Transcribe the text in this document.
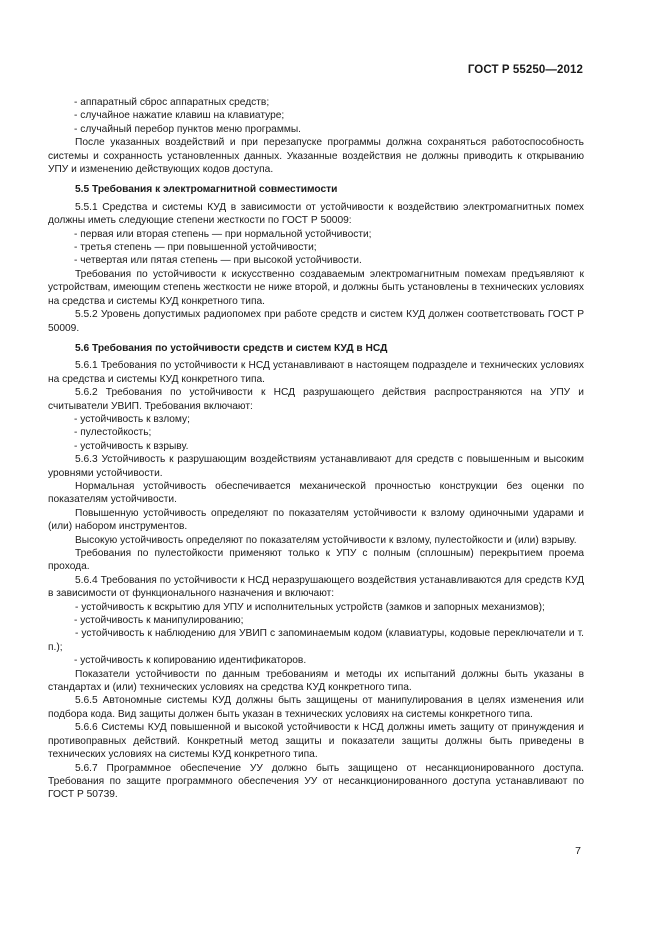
ГОСТ Р 55250—2012

- аппаратный сброс аппаратных средств;

- случайное нажатие клавиш на клавиатуре;

- случайный перебор пунктов меню программы.

После указанных воздействий и при перезапуске программы должна сохраняться работоспособность системы и сохранность установленных данных. Указанные воздействия не должны приводить к открыванию УПУ и изменению действующих кодов доступа.

5.5 Требования к электромагнитной совместимости

5.5.1 Средства и системы КУД в зависимости от устойчивости к воздействию электромагнитных помех должны иметь следующие степени жесткости по ГОСТ Р 50009:

- первая или вторая степень — при нормальной устойчивости;

- третья степень — при повышенной устойчивости;

- четвертая или пятая степень — при высокой устойчивости.

Требования по устойчивости к искусственно создаваемым электромагнитным помехам предъявляют к устройствам, имеющим степень жесткости не ниже второй, и должны быть установлены в технических условиях на средства и системы КУД конкретного типа.

5.5.2 Уровень допустимых радиопомех при работе средств и систем КУД должен соответствовать ГОСТ Р 50009.

5.6 Требования по устойчивости средств и систем КУД в НСД

5.6.1 Требования по устойчивости к НСД устанавливают в настоящем подразделе и технических условиях на средства и системы КУД конкретного типа.

5.6.2 Требования по устойчивости к НСД разрушающего действия распространяются на УПУ и считыватели УВИП. Требования включают:

- устойчивость к взлому;

- пулестойкость;

- устойчивость к взрыву.

5.6.3 Устойчивость к разрушающим воздействиям устанавливают для средств с повышенным и высоким уровнями устойчивости.

Нормальная устойчивость обеспечивается механической прочностью конструкции без оценки по показателям устойчивости.

Повышенную устойчивость определяют по показателям устойчивости к взлому одиночными ударами и (или) набором инструментов.

Высокую устойчивость определяют по показателям устойчивости к взлому, пулестойкости и (или) взрыву.

Требования по пулестойкости применяют только к УПУ с полным (сплошным) перекрытием проема прохода.

5.6.4 Требования по устойчивости к НСД неразрушающего воздействия устанавливаются для средств КУД в зависимости от функционального назначения и включают:

- устойчивость к вскрытию для УПУ и исполнительных устройств (замков и запорных механизмов);

- устойчивость к манипулированию;

- устойчивость к наблюдению для УВИП с запоминаемым кодом (клавиатуры, кодовые переключатели и т. п.);

- устойчивость к копированию идентификаторов.

Показатели устойчивости по данным требованиям и методы их испытаний должны быть указаны в стандартах и (или) технических условиях на средства КУД конкретного типа.

5.6.5 Автономные системы КУД должны быть защищены от манипулирования в целях изменения или подбора кода. Вид защиты должен быть указан в технических условиях на системы конкретного типа.

5.6.6 Системы КУД повышенной и высокой устойчивости к НСД должны иметь защиту от принуждения и противоправных действий. Конкретный метод защиты и показатели защиты должны быть приведены в технических условиях на системы КУД конкретного типа.

5.6.7 Программное обеспечение УУ должно быть защищено от несанкционированного доступа. Требования по защите программного обеспечения УУ от несанкционированного доступа устанавливают по ГОСТ Р 50739.

7
